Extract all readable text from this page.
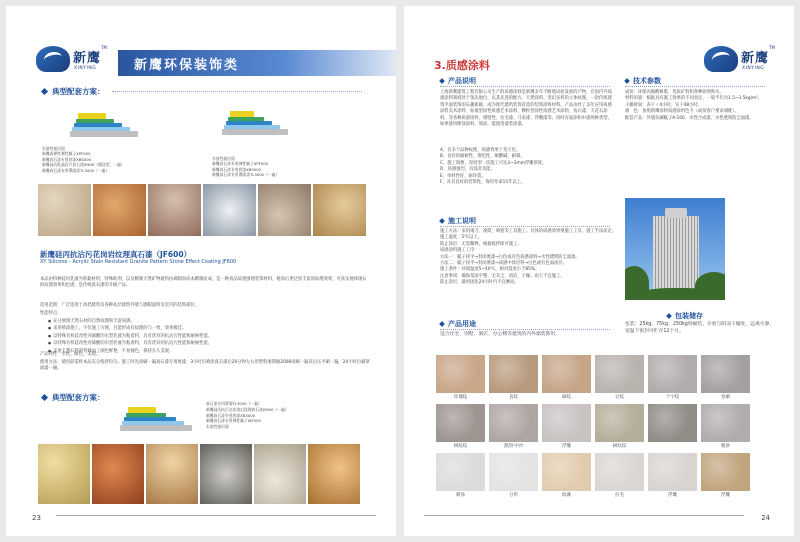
新鹰
XINYING
TM
新鹰环保装饰类
典型配套方案：
水溶性基层面
新鹰高弹性弹性腻子XPF500
新鹰真石漆专用底漆XB5000
新鹰硅丙乳液岩片真石漆JF600（喷涂型，一遍）
新鹰真石漆专用罩面漆TL3000（一遍）
水溶性基层面
新鹰真石漆专用弹性腻子XPF500
新鹰真石漆专用底漆XB5000
新鹰真石漆专用罩面漆TL3000（一遍）
新鹰硅丙抗沾污花岗岩纹理真石漆（JF600）
XY Silicone - Acrylic Stain Resistant Granite Pattern Stone Effect Coating JF600
本品由特种硅丙乳液为胶黏材料，特殊助剂，以及精制天然矿物通料由调制而成本精制而成。是一种真品质感强理装饰材料，格涂后更达到丰富的纹理效果，可真实地体现石的纹理效果和色感，是传统真石漆的升级产品。
适用范围：广泛适用于高档建筑及各种高层建筑外墙与墙帽面饰及室内的装饰部位。
性能特点：
● 充分展现天然石材的自然纹理和丰富质感。
● 采用喷涂施工，不仅施工方便，且能形成有纹理的与一致，效果极佳。
● 以特殊有机硅改性丙烯酸的水型乳液为粘着料，具有优异的抗沾污性能和耐候性能。
● 以特殊有机硅改性丙烯酸的水型乳液为粘着料，具有优异的抗沾污性能和耐候性能。
● 采用天然石料的特殊加工颜色鲜艳，不易褪色，保持长久美观。
产品特性：水性、耐色、美观。
使用方法：使用前需将本品充分搅拌均匀。施工时先涂刷一遍真石漆专用底漆，3小时后喷涂真石漆后20分钟左右用塑料滚筒做2008再刷一遍以后压平刷一遍，24小时后刷罩面漆一遍。
典型配套方案：
真石漆专用罩面TL3000（一遍）
新鹰硅丙抗污沾花岗岩纹理真石漆JF600（一遍）
新鹰真石漆专用底漆XB3000
新鹰真石漆专用弹性腻子WF500
水溶性基层面
23
新鹰
XINYING
TM
3.质感涂料
产品说明
上海新鹰建筑工程有限公司生产的质感涂料是新鹰多年不断地试验发展的产物，在国内外质感涂料领域处于领先地位，以其先进的配方、天然涂料、变幻多样的立体纹理，一款传统建筑平面装饰的乐趣新颖，成为现代建筑装饰首选的装饰涂料材料。产品由经了多年应用质感涂料美术涂料，标准型涂性质感艺术涂料，颗粒型涂性质感艺术涂料，仿石漆，天花石涂料，等各种质感涂料，墙壁性、拉毛漆、马来漆、浮雕漆等。同时有面涂和中漆两种类型，如果使用喷涂涂料，简涂，能使用漆类涂漆。
A、有多个品种纹理，质感效果十变万化。
B、良好的耐候性，保色性，耐酸碱，耐霉。
C、施工简便，厚度型一次施工可达2~3mm浮雕厚度。
D、质感强烈，有弧者功能。
E、单材性好，耐环裂。
F、具有良好的装饰性，保用寿命15年以上。
施工说明
施工方法：采用滚刀、滚筒、喷枪等工具施工。具体的质感效果视施工工具，施工手法而定。
施工温度：5℃以上。
防止涂层：无需稀释，根据搅拌即可施工。
质感涂料施工工序：
方法一：腻子找平→封闭底漆→白色或有色质感涂料→水性透明防尘面漆。
方法二：腻子找平→封闭底漆→质感中涂层料→白色或有色面涂层。
施工条件：环境温度5~40℃，相对湿度小于85%。
注意事项：确保基面平整、无灰尘、清洁、干燥。雨天不宜施工。
防止涂层，最初固化24小时内不宜淋雨。
产品用途
适合住宅、别墅、酒店、办公楼等建筑的内外墙装饰用。
技术参数
成份：环保丙烯酸树脂、优质矿料和各种助剂和水。
材料用量：根据具有施工效果的不同而定，一般平均为1.5~3.5kg/m²。
干燥时间：表干＜4小时，实干48小时。
颜　色：参照新鹰涂料质感涂料色卡（或按客户要求调配）。
配套产品：外墙抗碱腻子A-100、水性合成漆、水性透明防尘面漆。
包装储存
包装：25kg、75kg、250kg铁桶装。存放与阴凉干燥处，远离火源，室温下密封可贮存12个月。
玫瑰纹	直纹	麻纹	豆纹	十字纹	卷刷
树纹纹	刮刮·中沙	浮雕	树纹纹	粗砂
喷涂	分形	海滩	拉毛	浮雕	浮雕
24
